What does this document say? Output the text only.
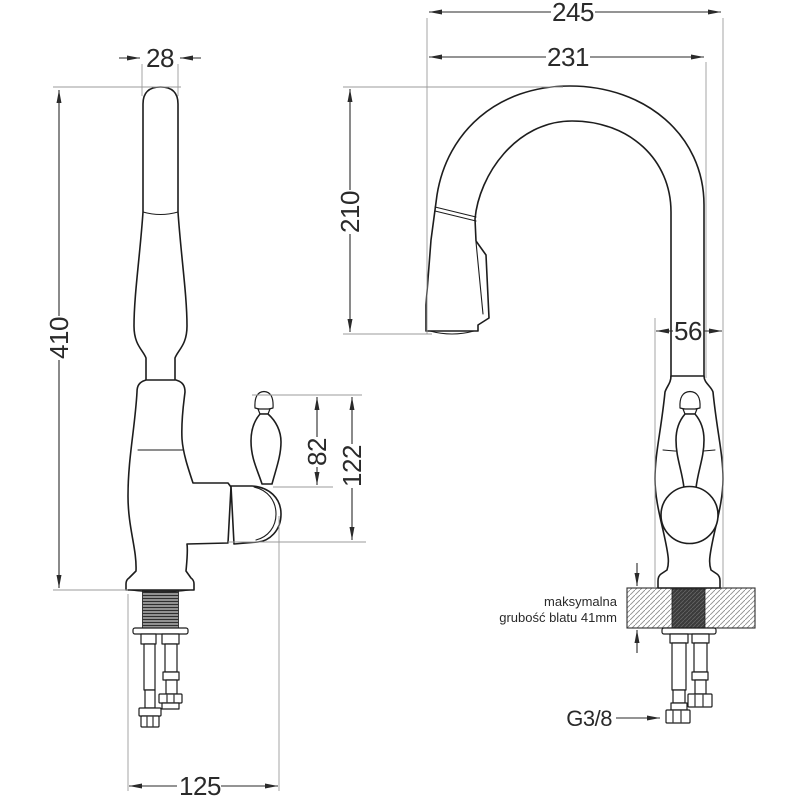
28
410
82 122
125
245
231
210
56
maksymalna
grubość blatu 41mm
G3/8
